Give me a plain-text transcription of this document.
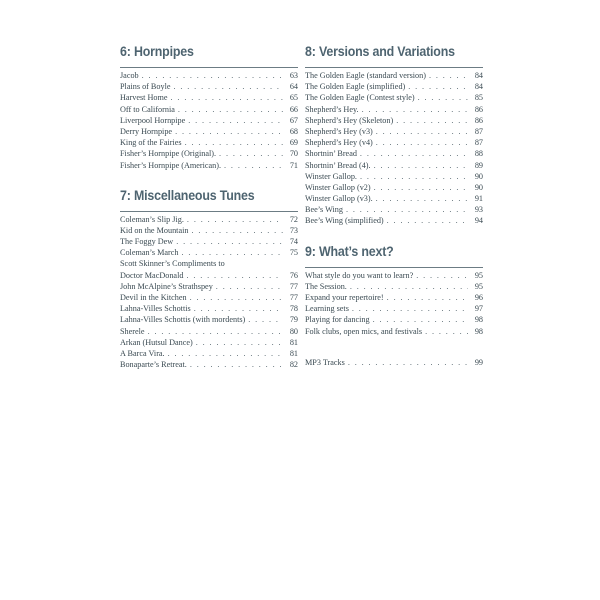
6: Hornpipes
Jacob . . .	63
Plains of Boyle . . .	64
Harvest Home . . .	65
Off to California . . .	66
Liverpool Hornpipe . . .	67
Derry Hornpipe . . .	68
King of the Fairies . . .	69
Fisher’s Hornpipe (Original). . . .	70
Fisher’s Hornpipe (American). . . .	71
7: Miscellaneous Tunes
Coleman’s Slip Jig. . . .	72
Kid on the Mountain . . .	73
The Foggy Dew . . .	74
Coleman’s March . . .	75
Scott Skinner’s Compliments to
Doctor MacDonald . . .	76
John McAlpine’s Strathspey . . .	77
Devil in the Kitchen . . .	77
Lahna-Villes Schottis . . .	78
Lahna-Villes Schottis (with mordents) . . .	79
Sherele . . .	80
Arkan (Hutsul Dance) . . .	81
A Barca Vira. . . .	81
Bonaparte’s Retreat. . . .	82
8: Versions and Variations
The Golden Eagle (standard version) . . .	84
The Golden Eagle (simplified) . . .	84
The Golden Eagle (Contest style) . . .	85
Shepherd’s Hey. . . .	86
Shepherd’s Hey (Skeleton) . . .	86
Shepherd’s Hey (v3) . . .	87
Shepherd’s Hey (v4) . . .	87
Shortnin’ Bread . . .	88
Shortnin’ Bread (4). . . .	89
Winster Gallop. . . .	90
Winster Gallop (v2) . . .	90
Winster Gallop (v3). . . .	91
Bee’s Wing . . .	93
Bee’s Wing (simplified) . . .	94
9: What’s next?
What style do you want to learn? . . .	95
The Session. . . .	95
Expand your repertoire! . . .	96
Learning sets . . .	97
Playing for dancing . . .	98
Folk clubs, open mics, and festivals . . .	98
MP3 Tracks . . .	99
